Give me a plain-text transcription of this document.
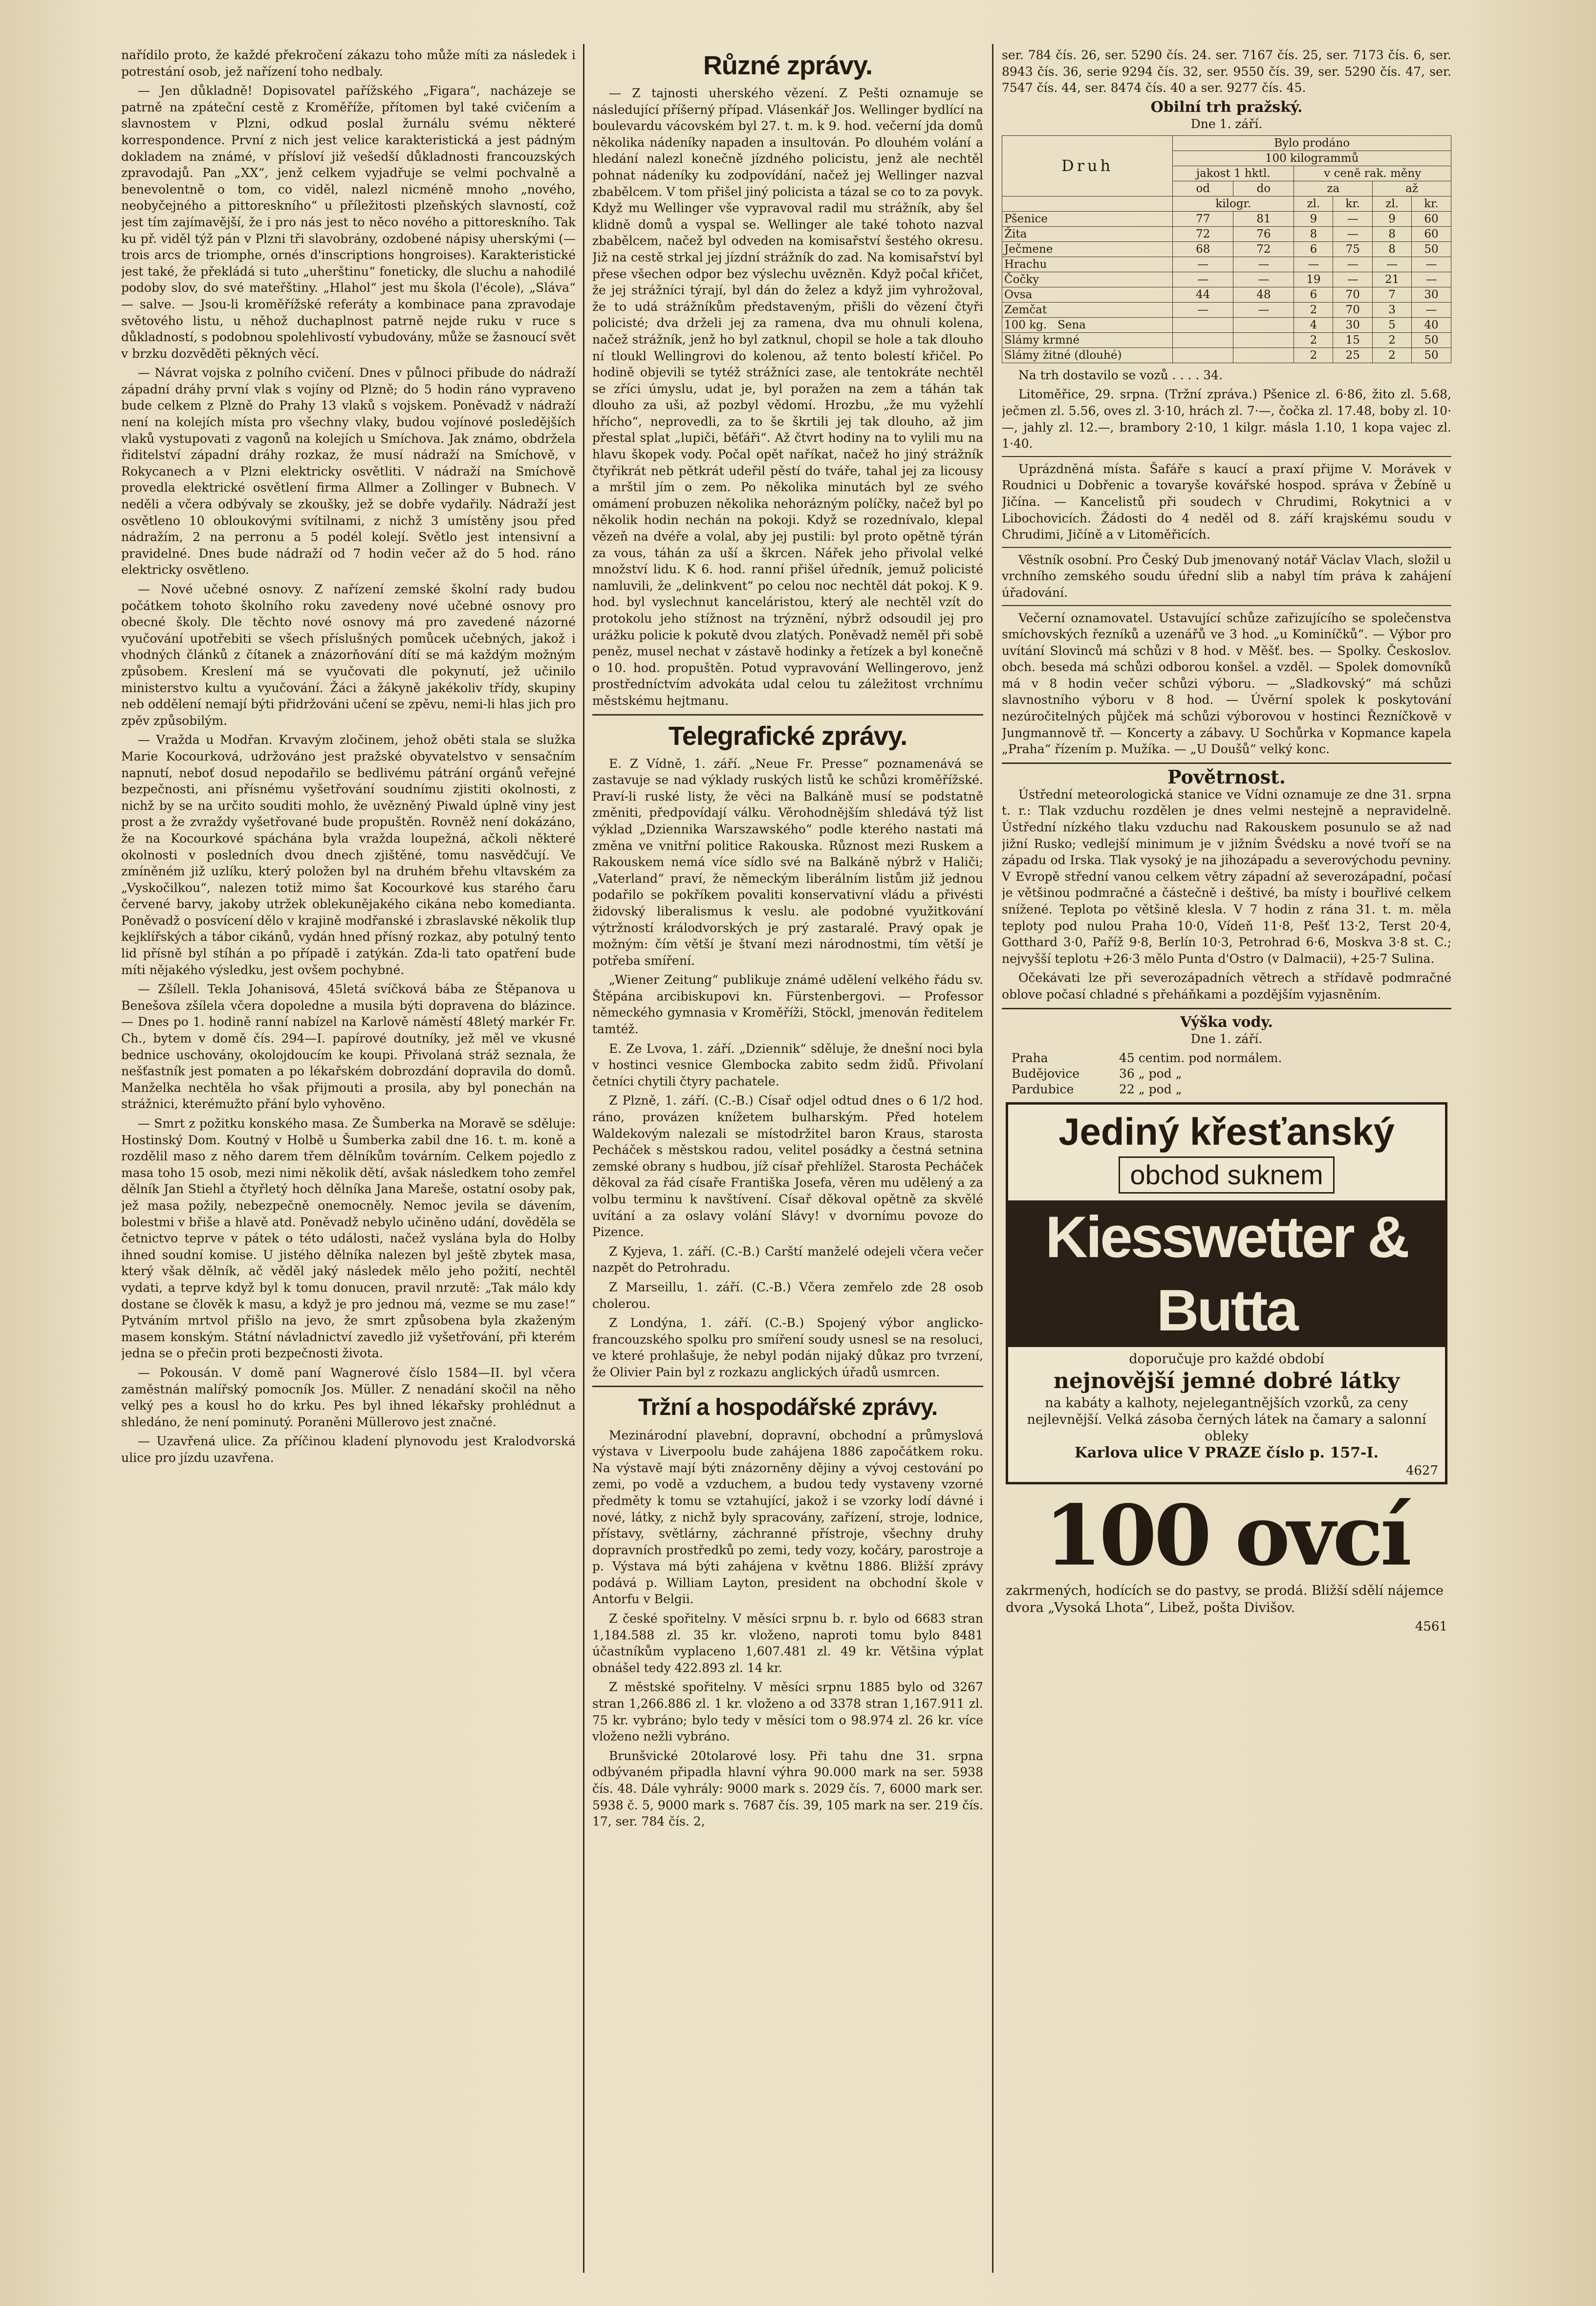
nařídilo proto, že každé překročení zákazu toho může míti za následek i potrestání osob, jež nařízení toho nedbaly.

— Jen důkladně! Dopisovatel pařížského „Figara“, nacházeje se patrně na zpáteční cestě z Kroměříže, přítomen byl také cvičením a slavnostem v Plzni, odkud poslal žurnálu svému některé korrespondence. První z nich jest velice karakteristická a jest pádným dokladem na známé, v přísloví již vešedší důkladnosti francouzských zpravodajů. Pan „XX“, jenž celkem vyjadřuje se velmi pochvalně a benevolentně o tom, co viděl, nalezl nicméně mnoho „nového, neobyčejného a pittoreskního“ u příležitosti plzeňských slavností, což jest tím zajímavější, že i pro nás jest to něco nového a pittoreskního. Tak ku př. viděl týž pán v Plzni tři slavobrány, ozdobené nápisy uherskými (— trois arcs de triomphe, ornés d'inscriptions hongroises). Karakteristické jest také, že překládá si tuto „uherštinu“ foneticky, dle sluchu a nahodilé podoby slov, do své mateřštiny. „Hlahol“ jest mu škola (l'école), „Sláva“ — salve. — Jsou-li kroměřížské referáty a kombinace pana zpravodaje světového listu, u něhož duchaplnost patrně nejde ruku v ruce s důkladností, s podobnou spolehlivostí vybudovány, může se žasnoucí svět v brzku dozvěděti pěkných věcí.

— Návrat vojska z polního cvičení. Dnes v půlnoci přibude do nádraží západní dráhy první vlak s vojíny od Plzně; do 5 hodin ráno vypraveno bude celkem z Plzně do Prahy 13 vlaků s vojskem. Poněvadž v nádraží není na kolejích místa pro všechny vlaky, budou vojínové posledějších vlaků vystupovati z vagonů na kolejích u Smíchova. Jak známo, obdržela řiditelství západní dráhy rozkaz, že musí nádraží na Smíchově, v Rokycanech a v Plzni elektricky osvětliti. V nádraží na Smíchově provedla elektrické osvětlení firma Allmer a Zollinger v Bubnech. V neděli a včera odbývaly se zkoušky, jež se dobře vydařily. Nádraží jest osvětleno 10 obloukovými svítilnami, z nichž 3 umístěny jsou před nádražím, 2 na perronu a 5 podél kolejí. Světlo jest intensivní a pravidelné. Dnes bude nádraží od 7 hodin večer až do 5 hod. ráno elektricky osvětleno.

— Nové učebné osnovy. Z nařízení zemské školní rady budou počátkem tohoto školního roku zavedeny nové učebné osnovy pro obecné školy. Dle těchto nové osnovy má pro zavedené názorné vyučování upotřebiti se všech příslušných pomůcek učebných, jakož i vhodných článků z čítanek a znázorňování dítí se má každým možným způsobem. Kreslení má se vyučovati dle pokynutí, jež učinilo ministerstvo kultu a vyučování. Žáci a žákyně jakékoliv třídy, skupiny neb oddělení nemají býti přidržováni učení se zpěvu, nemi-li hlas jich pro zpěv způsobilým.

— Vražda u Modřan. Krvavým zločinem, jehož oběti stala se služka Marie Kocourková, udržováno jest pražské obyvatelstvo v sensačním napnutí, neboť dosud nepodařilo se bedlivému pátrání orgánů veřejné bezpečnosti, ani přísnému vyšetřování soudnímu zjistiti okolnosti, z nichž by se na určito souditi mohlo, že uvězněný Piwald úplně viny jest prost a že zvraždy vyšetřované bude propuštěn. Rovněž není dokázáno, že na Kocourkové spáchána byla vražda loupežná, ačkoli některé okolnosti v posledních dvou dnech zjištěné, tomu nasvědčují. Ve zmíněném již uzlíku, který položen byl na druhém břehu vltavském za „Vyskočilkou“, nalezen totiž mimo šat Kocourkové kus starého čaru červené barvy, jakoby utržek oblekunějakého cikána nebo komedianta. Poněvadž o posvícení dělo v krajině modřanské i zbraslavské několik tlup kejklířských a tábor cikánů, vydán hned přísný rozkaz, aby potulný tento lid přísně byl stíhán a po případě i zatýkán. Zda-li tato opatření bude míti nějakého výsledku, jest ovšem pochybné.

— Zšílell. Tekla Johanisová, 45letá svíčková bába ze Štěpanova u Benešova zšílela včera dopoledne a musila býti dopravena do blázince. — Dnes po 1. hodině ranní nabízel na Karlově náměstí 48letý markér Fr. Ch., bytem v domě čís. 294—I. papírové doutníky, jež měl ve vkusné bednice uschovány, okolojdoucím ke koupi. Přivolaná stráž seznala, že nešťastník jest pomaten a po lékařském dobrozdání dopravila do domů. Manželka nechtěla ho však přijmouti a prosila, aby byl ponechán na strážnici, kterémužto přání bylo vyhověno.

— Smrt z požitku konského masa. Ze Šumberka na Moravě se sděluje: Hostinský Dom. Koutný v Holbě u Šumberka zabil dne 16. t. m. koně a rozdělil maso z něho darem třem dělníkům továrním. Celkem pojedlo z masa toho 15 osob, mezi nimi několik dětí, avšak následkem toho zemřel dělník Jan Stiehl a čtyřletý hoch dělníka Jana Mareše, ostatní osoby pak, jež masa požily, nebezpečně onemocněly. Nemoc jevila se dávením, bolestmi v břiše a hlavě atd. Poněvadž nebylo učiněno udání, dověděla se četnictvo teprve v pátek o této události, načež vyslána byla do Holby ihned soudní komise. U jistého dělníka nalezen byl ještě zbytek masa, který však dělník, ač věděl jaký následek mělo jeho požití, nechtěl vydati, a teprve když byl k tomu donucen, pravil nrzutě: „Tak málo kdy dostane se člověk k masu, a když je pro jednou má, vezme se mu zase!“ Pytváním mrtvol přišlo na jevo, že smrt způsobena byla zkaženým masem konským. Státní návladnictví zavedlo již vyšetřování, při kterém jedna se o přečin proti bezpečnosti života.

— Pokousán. V domě paní Wagnerové číslo 1584—II. byl včera zaměstnán malířský pomocník Jos. Müller. Z nenadání skočil na něho velký pes a kousl ho do krku. Pes byl ihned lékařsky prohlédnut a shledáno, že není pominutý. Poraněni Müllerovo jest značné.

— Uzavřená ulice. Za příčinou kladení plynovodu jest Kralodvorská ulice pro jízdu uzavřena.

Různé zprávy.

— Z tajnosti uherského vězení. Z Pešti oznamuje se následující příšerný případ. Vlásenkář Jos. Wellinger bydlící na boulevardu vácovském byl 27. t. m. k 9. hod. večerní jda domů několika nádeníky napaden a insultován. Po dlouhém volání a hledání nalezl konečně jízdného policistu, jenž ale nechtěl pohnat nádeníky ku zodpovídání, načež jej Wellinger nazval zbabělcem. V tom přišel jiný policista a tázal se co to za povyk. Když mu Wellinger vše vypravoval radil mu strážník, aby šel klidně domů a vyspal se. Wellinger ale také tohoto nazval zbabělcem, načež byl odveden na komisařství šestého okresu. Již na cestě strkal jej jízdní strážník do zad. Na komisařství byl přese všechen odpor bez výslechu uvězněn. Když počal křičet, že jej strážníci týrají, byl dán do želez a když jim vyhrožoval, že to udá strážníkům představeným, přišli do vězení čtyři policisté; dva drželi jej za ramena, dva mu ohnuli kolena, načež strážník, jenž ho byl zatknul, chopil se hole a tak dlouho ní tloukl Wellingrovi do kolenou, až tento bolestí křičel. Po hodině objevili se tytéž strážníci zase, ale tentokráte nechtěl se zříci úmyslu, udat je, byl poražen na zem a táhán tak dlouho za uši, až pozbyl vědomí. Hrozbu, „že mu vyžehlí hřícho“, neprovedli, za to še škrtili jej tak dlouho, až jim přestal splat „lupiči, běťáři“. Až čtvrt hodiny na to vylili mu na hlavu škopek vody. Počal opět naříkat, načež ho jiný strážník čtyřikrát neb pětkrát udeřil pěstí do tváře, tahal jej za licousy a mrštil jím o zem. Po několika minutách byl ze svého omámení probuzen několika nehorázným políčky, načež byl po několik hodin nechán na pokoji. Když se rozednívalo, klepal vězeň na dvéře a volal, aby jej pustili: byl proto opětně týrán za vous, táhán za uší a škrcen. Nářek jeho přivolal velké množství lidu. K 6. hod. ranní přišel úředník, jemuž policisté namluvili, že „delinkvent“ po celou noc nechtěl dát pokoj. K 9. hod. byl vyslechnut kanceláristou, který ale nechtěl vzít do protokolu jeho stížnost na trýznění, nýbrž odsoudil jej pro urážku policie k pokutě dvou zlatých. Poněvadž neměl při sobě peněz, musel nechat v zástavě hodinky a řetízek a byl konečně o 10. hod. propuštěn. Potud vypravování Wellingerovo, jenž prostředníctvím advokáta udal celou tu záležitost vrchnímu městskému hejtmanu.

Telegrafické zprávy.

E. Z Vídně, 1. září. „Neue Fr. Presse“ poznamenává se zastavuje se nad výklady ruských listů ke schůzi kroměřížské. Praví-li ruské listy, že věci na Balkáně musí se podstatně změniti, předpovídají válku. Věrohodnějším shledává týž list výklad „Dziennika Warszawského“ podle kterého nastati má změna ve vnitřní politice Rakouska. Různost mezi Ruskem a Rakouskem nemá více sídlo své na Balkáně nýbrž v Haliči; „Vaterland“ praví, že německým liberálním listům již jednou podařilo se pokříkem povaliti konservativní vládu a přivésti židovský liberalismus k veslu. ale podobné využitkování výtržností králodvorských je prý zastaralé. Pravý opak je možným: čím větší je štvaní mezi národnostmi, tím větší je potřeba smíření.

„Wiener Zeitung“ publikuje známé udělení velkého řádu sv. Štěpána arcibiskupovi kn. Fürstenbergovi. — Professor německého gymnasia v Kroměříži, Stöckl, jmenován ředitelem tamtéž.

E. Ze Lvova, 1. září. „Dziennik“ sděluje, že dnešní noci byla v hostinci vesnice Glembocka zabito sedm židů. Přivolaní četníci chytili čtyry pachatele.

Z Plzně, 1. září. (C.-B.) Císař odjel odtud dnes o 6 1/2 hod. ráno, provázen knížetem bulharským. Před hotelem Waldekovým nalezali se místodržitel baron Kraus, starosta Pecháček s městskou radou, velitel posádky a čestná setnina zemské obrany s hudbou, jíž císař přehlížel. Starosta Pecháček děkoval za řád císaře Františka Josefa, věren mu udělený a za volbu terminu k navštívení. Císař děkoval opětně za skvělé uvítání a za oslavy volání Slávy! v dvornímu povoze do Pizence.

Z Kyjeva, 1. září. (C.-B.) Carští manželé odejeli včera večer nazpět do Petrohradu.

Z Marseillu, 1. září. (C.-B.) Včera zemřelo zde 28 osob cholerou.

Z Londýna, 1. září. (C.-B.) Spojený výbor anglicko-francouzského spolku pro smíření soudy usnesl se na resoluci, ve které prohlašuje, že nebyl podán nijaký důkaz pro tvrzení, že Olivier Pain byl z rozkazu anglických úřadů usmrcen.

Tržní a hospodářské zprávy.

Mezinárodní plavební, dopravní, obchodní a průmyslová výstava v Liverpoolu bude zahájena 1886 započátkem roku. Na výstavě mají býti znázorněny dějiny a vývoj cestování po zemi, po vodě a vzduchem, a budou tedy vystaveny vzorné předměty k tomu se vztahující, jakož i se vzorky lodí dávné i nové, látky, z nichž byly spracovány, zařízení, stroje, lodnice, přístavy, světlárny, záchranné přístroje, všechny druhy dopravních prostředků po zemi, tedy vozy, kočáry, parostroje a p. Výstava má býti zahájena v květnu 1886. Bližší zprávy podává p. William Layton, president na obchodní škole v Antorfu v Belgii.

Z české spořitelny. V měsíci srpnu b. r. bylo od 6683 stran 1,184.588 zl. 35 kr. vloženo, naproti tomu bylo 8481 účastníkům vyplaceno 1,607.481 zl. 49 kr. Většina výplat obnášel tedy 422.893 zl. 14 kr.

Z městské spořitelny. V měsíci srpnu 1885 bylo od 3267 stran 1,266.886 zl. 1 kr. vloženo a od 3378 stran 1,167.911 zl. 75 kr. vybráno; bylo tedy v měsíci tom o 98.974 zl. 26 kr. více vloženo nežli vybráno.

Brunšvické 20tolarové losy. Při tahu dne 31. srpna odbývaném připadla hlavní výhra 90.000 mark na ser. 5938 čís. 48. Dále vyhrály: 9000 mark s. 2029 čís. 7, 6000 mark ser. 5938 č. 5, 9000 mark s. 7687 čís. 39, 105 mark na ser. 219 čís. 17, ser. 784 čís. 2,

ser. 784 čís. 26, ser. 5290 čís. 24. ser. 7167 čís. 25, ser. 7173 čís. 6, ser. 8943 čís. 36, serie 9294 čís. 32, ser. 9550 čís. 39, ser. 5290 čís. 47, ser. 7547 čís. 44, ser. 8474 čís. 40 a ser. 9277 čís. 45.

Obilní trh pražský.
Dne 1. září.
Druh	Bylo prodáno					
	100 kilogrammů					
	jakost 1 hktl.		v ceně rak. měny			
	od	do	za		až	
	kilogr.		zl.	kr.	zl.	kr.
Pšenice	77	81	9	—	9	60
Žita	72	76	8	—	8	60
Ječmene	68	72	6	75	8	50
Hrachu	—	—	—	—	—	—
Čočky	—	—	19	—	21	—
Ovsa	44	48	6	70	7	30
Zemčat	—	—	2	70	3	—
100 kg. Sena			4	30	5	40
Slámy krmné			2	15	2	50
Slámy žitné (dlouhé)			2	25	2	50

Na trh dostavilo se vozů . . . . 34.

Litoměřice, 29. srpna. (Tržní zpráva.) Pšenice zl. 6·86, žito zl. 5.68, ječmen zl. 5.56, oves zl. 3·10, hrách zl. 7·—, čočka zl. 17.48, boby zl. 10·—, jahly zl. 12.—, brambory 2·10, 1 kilgr. másla 1.10, 1 kopa vajec zl. 1·40.

Uprázdněná místa. Šafáře s kaucí a praxí přijme V. Morávek v Roudnici u Dobřenic a tovaryše kovářské hospod. správa v Žebíně u Jičína. — Kancelistů při soudech v Chrudimi, Rokytnici a v Libochovicích. Žádosti do 4 neděl od 8. září krajskému soudu v Chrudimi, Jičíně a v Litoměřicích.

Věstník osobní. Pro Český Dub jmenovaný notář Václav Vlach, složil u vrchního zemského soudu úřední slib a nabyl tím práva k zahájení úřadování.

Večerní oznamovatel. Ustavující schůze zařizujícího se společenstva smíchovských řezníků a uzenářů ve 3 hod. „u Kominíčků“. — Výbor pro uvítání Slovinců má schůzi v 8 hod. v Měšť. bes. — Spolky. Českoslov. obch. beseda má schůzi odborou konšel. a vzděl. — Spolek domovníků má v 8 hodin večer schůzi výboru. — „Sladkovský“ má schůzi slavnostního výboru v 8 hod. — Úvěrní spolek k poskytování nezúročitelných půjček má schůzi výborovou v hostinci Řezníčkově v Jungmannově tř. — Koncerty a zábavy. U Sochůrka v Kopmance kapela „Praha“ řízením p. Mužíka. — „U Doušů“ velký konc.

Povětrnost.

Ústřední meteorologická stanice ve Vídni oznamuje ze dne 31. srpna t. r.: Tlak vzduchu rozdělen je dnes velmi nestejně a nepravidelně. Ústřední nízkého tlaku vzduchu nad Rakouskem posunulo se až nad jižní Rusko; vedlejší minimum je v jižním Švédsku a nové tvoří se na západu od Irska. Tlak vysoký je na jihozápadu a severovýchodu pevniny. V Evropě střední vanou celkem větry západní až severozápadní, počasí je většinou podmračné a částečně i deštivé, ba místy i bouřlivé celkem snížené. Teplota po většině klesla. V 7 hodin z rána 31. t. m. měla teploty pod nulou Praha 10·0, Vídeň 11·8, Pešť 13·2, Terst 20·4, Gotthard 3·0, Paříž 9·8, Berlín 10·3, Petrohrad 6·6, Moskva 3·8 st. C.; nejvyšší teplotu +26·3 mělo Punta d'Ostro (v Dalmacii), +25·7 Sulina.

Očekávati lze při severozápadních větrech a střídavě podmračné oblove počasí chladné s přeháňkami a pozdějším vyjasněním.

Výška vody.
Dne 1. září.
Praha	45 centim. pod normálem.
Budějovice	36 „ pod „
Pardubice	22 „ pod „
Jediný křesťanský
obchod suknem
Kiesswetter & Butta
doporučuje pro každé období
nejnovější jemné dobré látky
na kabáty a kalhoty, nejelegantnějších vzorků, za ceny nejlevnější. Velká zásoba černých látek na čamary a salonní obleky
Karlova ulice V PRAZE číslo p. 157-I.
4627
100 ovcí

zakrmených, hodících se do pastvy, se prodá. Bližší sdělí nájemce dvora „Vysoká Lhota“, Libež, pošta Divišov.

4561
